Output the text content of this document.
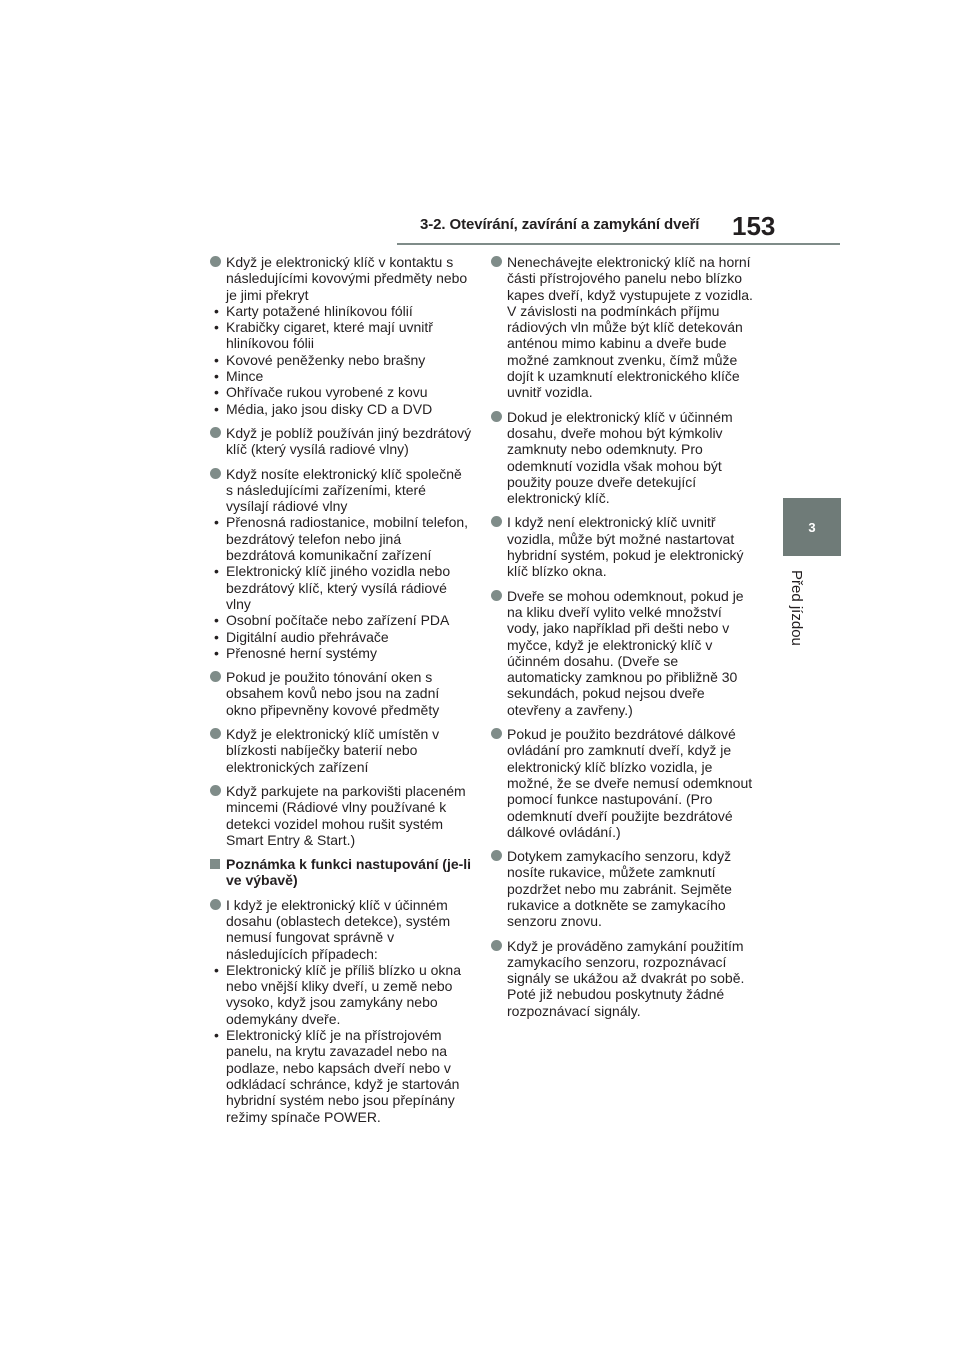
3-2. Otevírání, zavírání a zamykání dveří	153
3
Před jízdou
Když je elektronický klíč v kontaktu s následujícími kovovými předměty nebo je jimi překryt
• Karty potažené hliníkovou fólií
• Krabičky cigaret, které mají uvnitř hliníkovou fólii
• Kovové peněženky nebo brašny
• Mince
• Ohřívače rukou vyrobené z kovu
• Média, jako jsou disky CD a DVD
Když je poblíž používán jiný bezdrátový klíč (který vysílá radiové vlny)
Když nosíte elektronický klíč společně s následujícími zařízeními, které vysílají rádiové vlny
• Přenosná radiostanice, mobilní telefon, bezdrátový telefon nebo jiná bezdrátová komunikační zařízení
• Elektronický klíč jiného vozidla nebo bezdrátový klíč, který vysílá rádiové vlny
• Osobní počítače nebo zařízení PDA
• Digitální audio přehrávače
• Přenosné herní systémy
Pokud je použito tónování oken s obsahem kovů nebo jsou na zadní okno připevněny kovové předměty
Když je elektronický klíč umístěn v blízkosti nabíječky baterií nebo elektronických zařízení
Když parkujete na parkovišti placeném mincemi (Rádiové vlny používané k detekci vozidel mohou rušit systém Smart Entry & Start.)
Poznámka k funkci nastupování (je-li ve výbavě)
I když je elektronický klíč v účinném dosahu (oblastech detekce), systém nemusí fungovat správně v následujících případech:
• Elektronický klíč je příliš blízko u okna nebo vnější kliky dveří, u země nebo vysoko, když jsou zamykány nebo odemykány dveře.
• Elektronický klíč je na přístrojovém panelu, na krytu zavazadel nebo na podlaze, nebo kapsách dveří nebo v odkládací schránce, když je startován hybridní systém nebo jsou přepínány režimy spínače POWER.
Nenechávejte elektronický klíč na horní části přístrojového panelu nebo blízko kapes dveří, když vystupujete z vozidla. V závislosti na podmínkách příjmu rádiových vln může být klíč detekován anténou mimo kabinu a dveře bude možné zamknout zvenku, čímž může dojít k uzamknutí elektronického klíče uvnitř vozidla.
Dokud je elektronický klíč v účinném dosahu, dveře mohou být kýmkoliv zamknuty nebo odemknuty. Pro odemknutí vozidla však mohou být použity pouze dveře detekující elektronický klíč.
I když není elektronický klíč uvnitř vozidla, může být možné nastartovat hybridní systém, pokud je elektronický klíč blízko okna.
Dveře se mohou odemknout, pokud je na kliku dveří vylito velké množství vody, jako například při dešti nebo v myčce, když je elektronický klíč v účinném dosahu. (Dveře se automaticky zamknou po přibližně 30 sekundách, pokud nejsou dveře otevřeny a zavřeny.)
Pokud je použito bezdrátové dálkové ovládání pro zamknutí dveří, když je elektronický klíč blízko vozidla, je možné, že se dveře nemusí odemknout pomocí funkce nastupování. (Pro odemknutí dveří použijte bezdrátové dálkové ovládání.)
Dotykem zamykacího senzoru, když nosíte rukavice, můžete zamknutí pozdržet nebo mu zabránit. Sejměte rukavice a dotkněte se zamykacího senzoru znovu.
Když je prováděno zamykání použitím zamykacího senzoru, rozpoznávací signály se ukážou až dvakrát po sobě. Poté již nebudou poskytnuty žádné rozpoznávací signály.
